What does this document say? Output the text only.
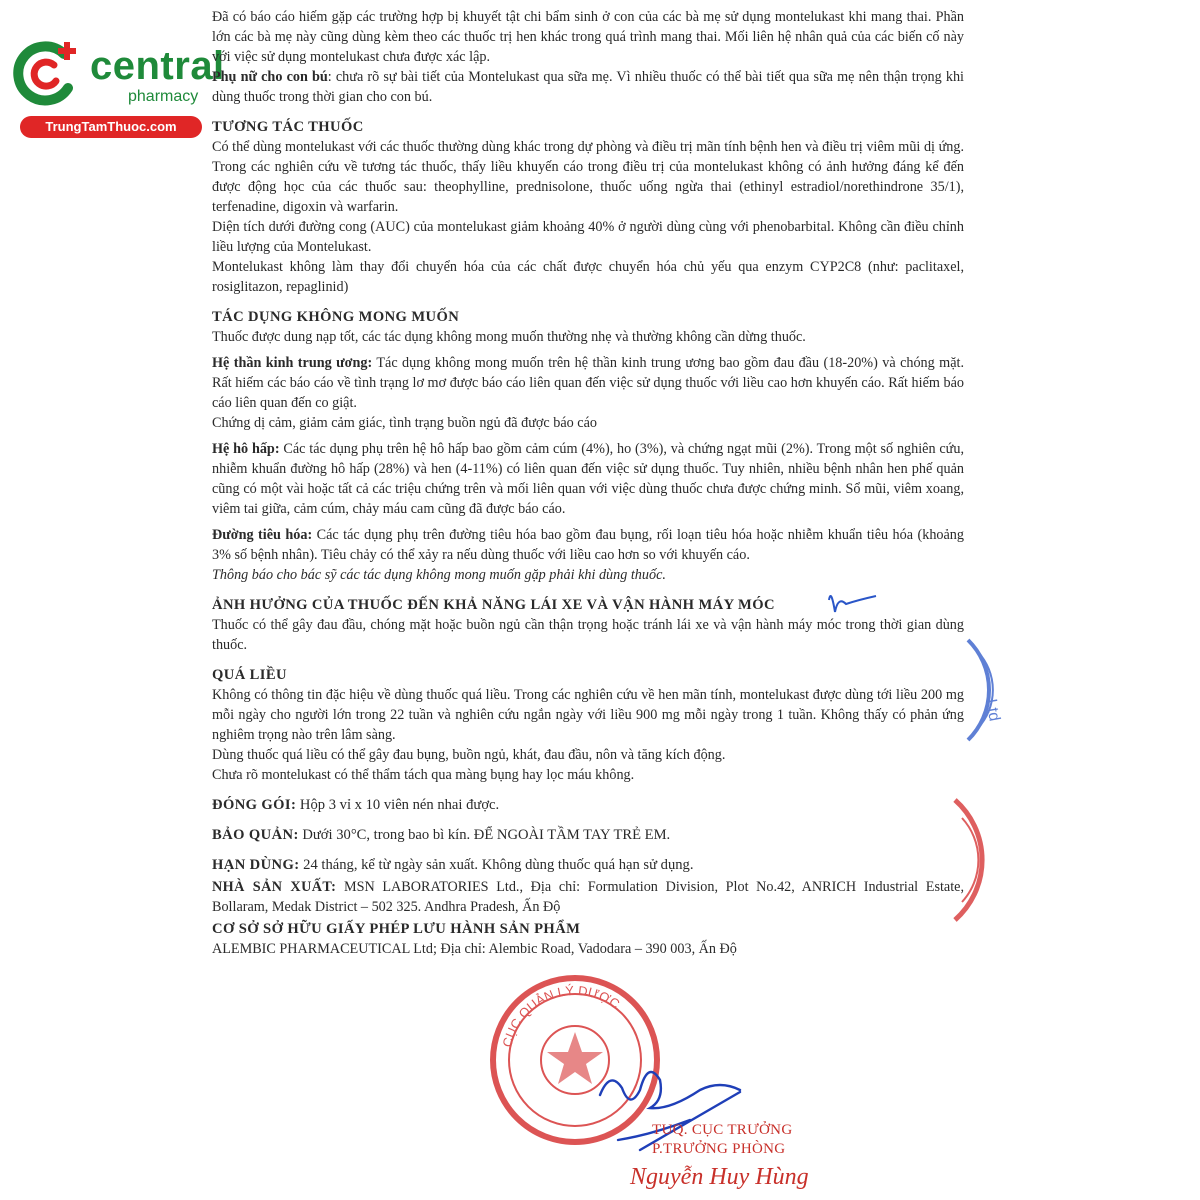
central
pharmacy
TrungTamThuoc.com

Đã có báo cáo hiếm gặp các trường hợp bị khuyết tật chi bẩm sinh ở con của các bà mẹ sử dụng montelukast khi mang thai. Phần lớn các bà mẹ này cũng dùng kèm theo các thuốc trị hen khác trong quá trình mang thai. Mối liên hệ nhân quả của các biến cố này với việc sử dụng montelukast chưa được xác lập.

Phụ nữ cho con bú: chưa rõ sự bài tiết của Montelukast qua sữa mẹ. Vì nhiều thuốc có thể bài tiết qua sữa mẹ nên thận trọng khi dùng thuốc trong thời gian cho con bú.

TƯƠNG TÁC THUỐC

Có thể dùng montelukast với các thuốc thường dùng khác trong dự phòng và điều trị mãn tính bệnh hen và điều trị viêm mũi dị ứng. Trong các nghiên cứu về tương tác thuốc, thấy liều khuyến cáo trong điều trị của montelukast không có ảnh hưởng đáng kể đến được động học của các thuốc sau: theophylline, prednisolone, thuốc uống ngừa thai (ethinyl estradiol/norethindrone 35/1), terfenadine, digoxin và warfarin.

Diện tích dưới đường cong (AUC) của montelukast giảm khoảng 40% ở người dùng cùng với phenobarbital. Không cần điều chỉnh liều lượng của Montelukast.

Montelukast không làm thay đổi chuyển hóa của các chất được chuyển hóa chủ yếu qua enzym CYP2C8 (như: paclitaxel, rosiglitazon, repaglinid)

TÁC DỤNG KHÔNG MONG MUỐN

Thuốc được dung nạp tốt, các tác dụng không mong muốn thường nhẹ và thường không cần dừng thuốc.

Hệ thần kinh trung ương: Tác dụng không mong muốn trên hệ thần kinh trung ương bao gồm đau đầu (18-20%) và chóng mặt. Rất hiếm các báo cáo về tình trạng lơ mơ được báo cáo liên quan đến việc sử dụng thuốc với liều cao hơn khuyến cáo. Rất hiếm báo cáo liên quan đến co giật.

Chứng dị cảm, giảm cảm giác, tình trạng buồn ngủ đã được báo cáo

Hệ hô hấp: Các tác dụng phụ trên hệ hô hấp bao gồm cảm cúm (4%), ho (3%), và chứng ngạt mũi (2%). Trong một số nghiên cứu, nhiễm khuẩn đường hô hấp (28%) và hen (4-11%) có liên quan đến việc sử dụng thuốc. Tuy nhiên, nhiều bệnh nhân hen phế quản cũng có một vài hoặc tất cả các triệu chứng trên và mối liên quan với việc dùng thuốc chưa được chứng minh. Sổ mũi, viêm xoang, viêm tai giữa, cảm cúm, chảy máu cam cũng đã được báo cáo.

Đường tiêu hóa: Các tác dụng phụ trên đường tiêu hóa bao gồm đau bụng, rối loạn tiêu hóa hoặc nhiễm khuẩn tiêu hóa (khoảng 3% số bệnh nhân). Tiêu chảy có thể xảy ra nếu dùng thuốc với liều cao hơn so với khuyến cáo.

Thông báo cho bác sỹ các tác dụng không mong muốn gặp phải khi dùng thuốc.

ẢNH HƯỞNG CỦA THUỐC ĐẾN KHẢ NĂNG LÁI XE VÀ VẬN HÀNH MÁY MÓC

Thuốc có thể gây đau đầu, chóng mặt hoặc buồn ngủ cần thận trọng hoặc tránh lái xe và vận hành máy móc trong thời gian dùng thuốc.

QUÁ LIỀU

Không có thông tin đặc hiệu về dùng thuốc quá liều. Trong các nghiên cứu về hen mãn tính, montelukast được dùng tới liều 200 mg mỗi ngày cho người lớn trong 22 tuần và nghiên cứu ngắn ngày với liều 900 mg mỗi ngày trong 1 tuần. Không thấy có phản ứng nghiêm trọng nào trên lâm sàng.

Dùng thuốc quá liều có thể gây đau bụng, buồn ngủ, khát, đau đầu, nôn và tăng kích động.

Chưa rõ montelukast có thể thẩm tách qua màng bụng hay lọc máu không.

ĐÓNG GÓI: Hộp 3 vỉ x 10 viên nén nhai được.

BẢO QUẢN: Dưới 30°C, trong bao bì kín. ĐỂ NGOÀI TẦM TAY TRẺ EM.

HẠN DÙNG: 24 tháng, kể từ ngày sản xuất. Không dùng thuốc quá hạn sử dụng.

NHÀ SẢN XUẤT: MSN LABORATORIES Ltd., Địa chỉ: Formulation Division, Plot No.42, ANRICH Industrial Estate, Bollaram, Medak District – 502 325. Andhra Pradesh, Ấn Độ

CƠ SỞ SỞ HỮU GIẤY PHÉP LƯU HÀNH SẢN PHẨM

ALEMBIC PHARMACEUTICAL Ltd; Địa chỉ: Alembic Road, Vadodara – 390 003, Ấn Độ

Ltd
CỤC QUẢN LÝ DƯỢC
TUQ. CỤC TRƯỞNG
P.TRƯỞNG PHÒNG
Nguyễn Huy Hùng
